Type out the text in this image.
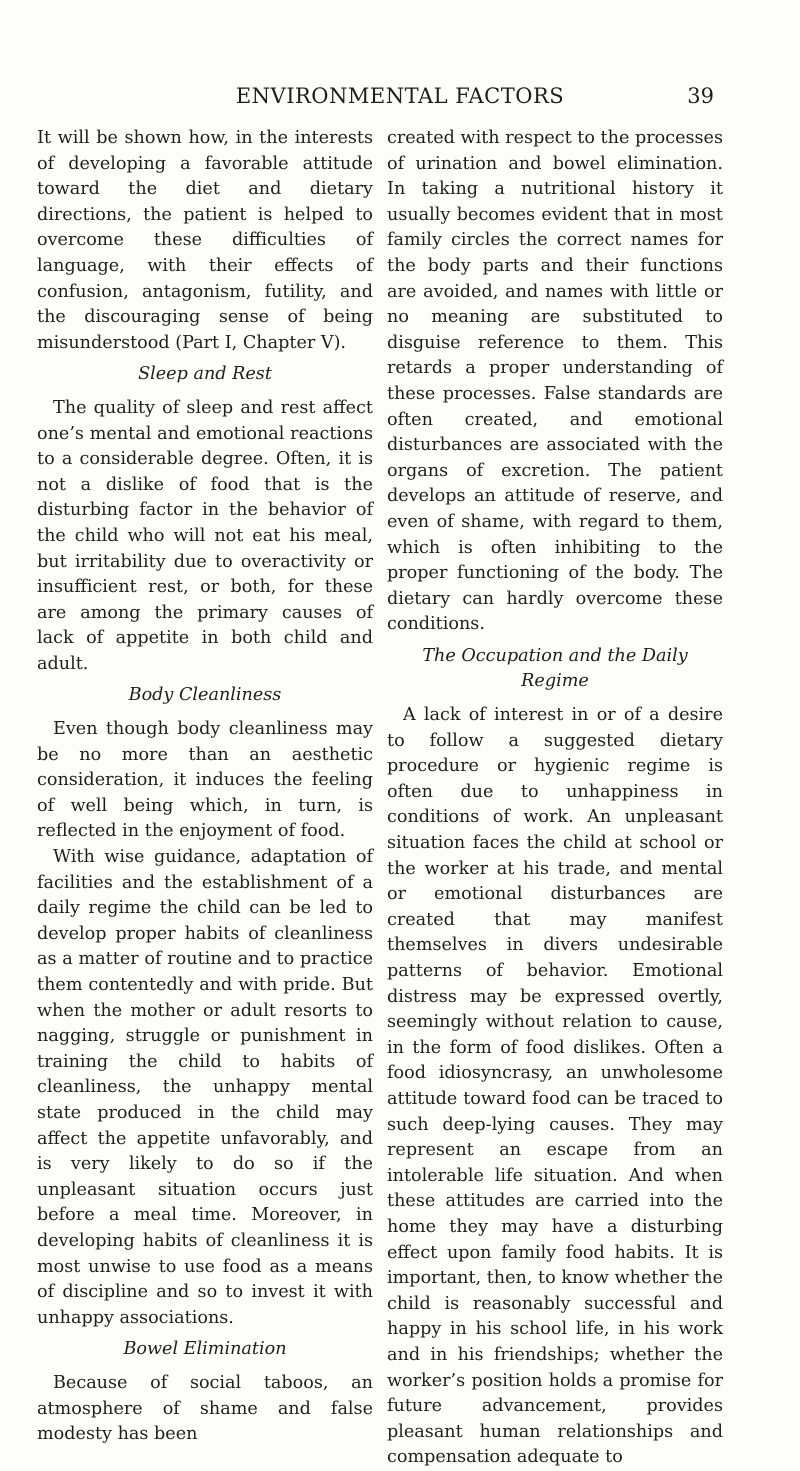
ENVIRONMENTAL FACTORS	39

It will be shown how, in the interests of developing a favorable attitude toward the diet and dietary directions, the patient is helped to overcome these difficulties of language, with their effects of confusion, antagonism, futility, and the discouraging sense of being misunderstood (Part I, Chapter V).

Sleep and Rest

The quality of sleep and rest affect one’s mental and emotional reactions to a considerable degree. Often, it is not a dislike of food that is the disturbing factor in the behavior of the child who will not eat his meal, but irritability due to overactivity or insufficient rest, or both, for these are among the primary causes of lack of appetite in both child and adult.

Body Cleanliness

Even though body cleanliness may be no more than an aesthetic consideration, it induces the feeling of well being which, in turn, is reflected in the enjoyment of food.

With wise guidance, adaptation of facilities and the establishment of a daily regime the child can be led to develop proper habits of cleanliness as a matter of routine and to practice them contentedly and with pride. But when the mother or adult resorts to nagging, struggle or punishment in training the child to habits of cleanliness, the unhappy mental state produced in the child may affect the appetite unfavorably, and is very likely to do so if the unpleasant situation occurs just before a meal time. Moreover, in developing habits of cleanliness it is most unwise to use food as a means of discipline and so to invest it with unhappy associations.

Bowel Elimination

Because of social taboos, an atmosphere of shame and false modesty has been

created with respect to the processes of urination and bowel elimination. In taking a nutritional history it usually becomes evident that in most family circles the correct names for the body parts and their functions are avoided, and names with little or no meaning are substituted to disguise reference to them. This retards a proper understanding of these processes. False standards are often created, and emotional disturbances are associated with the organs of excretion. The patient develops an attitude of reserve, and even of shame, with regard to them, which is often inhibiting to the proper functioning of the body. The dietary can hardly overcome these conditions.

The Occupation and the Daily Regime

A lack of interest in or of a desire to follow a suggested dietary procedure or hygienic regime is often due to unhappiness in conditions of work. An unpleasant situation faces the child at school or the worker at his trade, and mental or emotional disturbances are created that may manifest themselves in divers undesirable patterns of behavior. Emotional distress may be expressed overtly, seemingly without relation to cause, in the form of food dislikes. Often a food idiosyncrasy, an unwholesome attitude toward food can be traced to such deep-lying causes. They may represent an escape from an intolerable life situation. And when these attitudes are carried into the home they may have a disturbing effect upon family food habits. It is important, then, to know whether the child is reasonably successful and happy in his school life, in his work and in his friendships; whether the worker’s position holds a promise for future advancement, provides pleasant human relationships and compensation adequate to
